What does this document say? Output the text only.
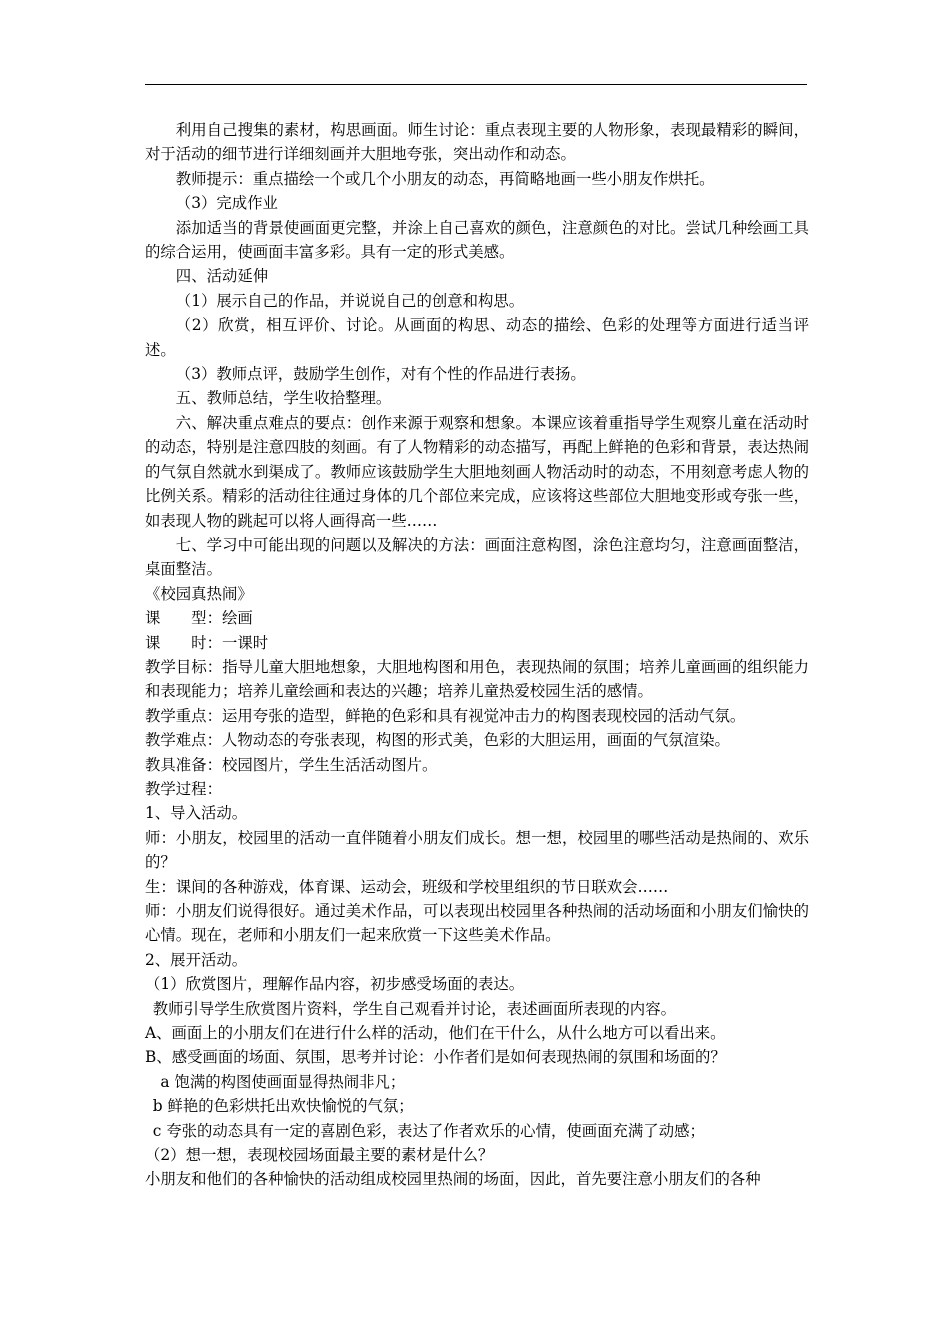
利用自己搜集的素材，构思画面。师生讨论：重点表现主要的人物形象，表现最精彩的瞬间，对于活动的细节进行详细刻画并大胆地夸张，突出动作和动态。

教师提示：重点描绘一个或几个小朋友的动态，再简略地画一些小朋友作烘托。

（3）完成作业

添加适当的背景使画面更完整，并涂上自己喜欢的颜色，注意颜色的对比。尝试几种绘画工具的综合运用，使画面丰富多彩。具有一定的形式美感。

四、活动延伸

（1）展示自己的作品，并说说自己的创意和构思。

（2）欣赏，相互评价、讨论。从画面的构思、动态的描绘、色彩的处理等方面进行适当评述。

（3）教师点评，鼓励学生创作，对有个性的作品进行表扬。

五、教师总结，学生收拾整理。

六、解决重点难点的要点：创作来源于观察和想象。本课应该着重指导学生观察儿童在活动时的动态，特别是注意四肢的刻画。有了人物精彩的动态描写，再配上鲜艳的色彩和背景，表达热闹的气氛自然就水到渠成了。教师应该鼓励学生大胆地刻画人物活动时的动态，不用刻意考虑人物的比例关系。精彩的活动往往通过身体的几个部位来完成，应该将这些部位大胆地变形或夸张一些，如表现人物的跳起可以将人画得高一些……

七、学习中可能出现的问题以及解决的方法：画面注意构图，涂色注意均匀，注意画面整洁，桌面整洁。

《校园真热闹》

课　　型：绘画

课　　时：一课时

教学目标：指导儿童大胆地想象，大胆地构图和用色，表现热闹的氛围；培养儿童画画的组织能力和表现能力；培养儿童绘画和表达的兴趣；培养儿童热爱校园生活的感情。

教学重点：运用夸张的造型，鲜艳的色彩和具有视觉冲击力的构图表现校园的活动气氛。

教学难点：人物动态的夸张表现，构图的形式美，色彩的大胆运用，画面的气氛渲染。

教具准备：校园图片，学生生活活动图片。

教学过程：

1、导入活动。

师：小朋友，校园里的活动一直伴随着小朋友们成长。想一想，校园里的哪些活动是热闹的、欢乐的？

生：课间的各种游戏，体育课、运动会，班级和学校里组织的节日联欢会……

师：小朋友们说得很好。通过美术作品，可以表现出校园里各种热闹的活动场面和小朋友们愉快的心情。现在，老师和小朋友们一起来欣赏一下这些美术作品。

2、展开活动。

（1）欣赏图片，理解作品内容，初步感受场面的表达。

教师引导学生欣赏图片资料，学生自己观看并讨论，表述画面所表现的内容。

A、画面上的小朋友们在进行什么样的活动，他们在干什么，从什么地方可以看出来。

B、感受画面的场面、氛围，思考并讨论：小作者们是如何表现热闹的氛围和场面的？

a 饱满的构图使画面显得热闹非凡；

b 鲜艳的色彩烘托出欢快愉悦的气氛；

c 夸张的动态具有一定的喜剧色彩，表达了作者欢乐的心情，使画面充满了动感；

（2）想一想，表现校园场面最主要的素材是什么？

小朋友和他们的各种愉快的活动组成校园里热闹的场面，因此，首先要注意小朋友们的各种
